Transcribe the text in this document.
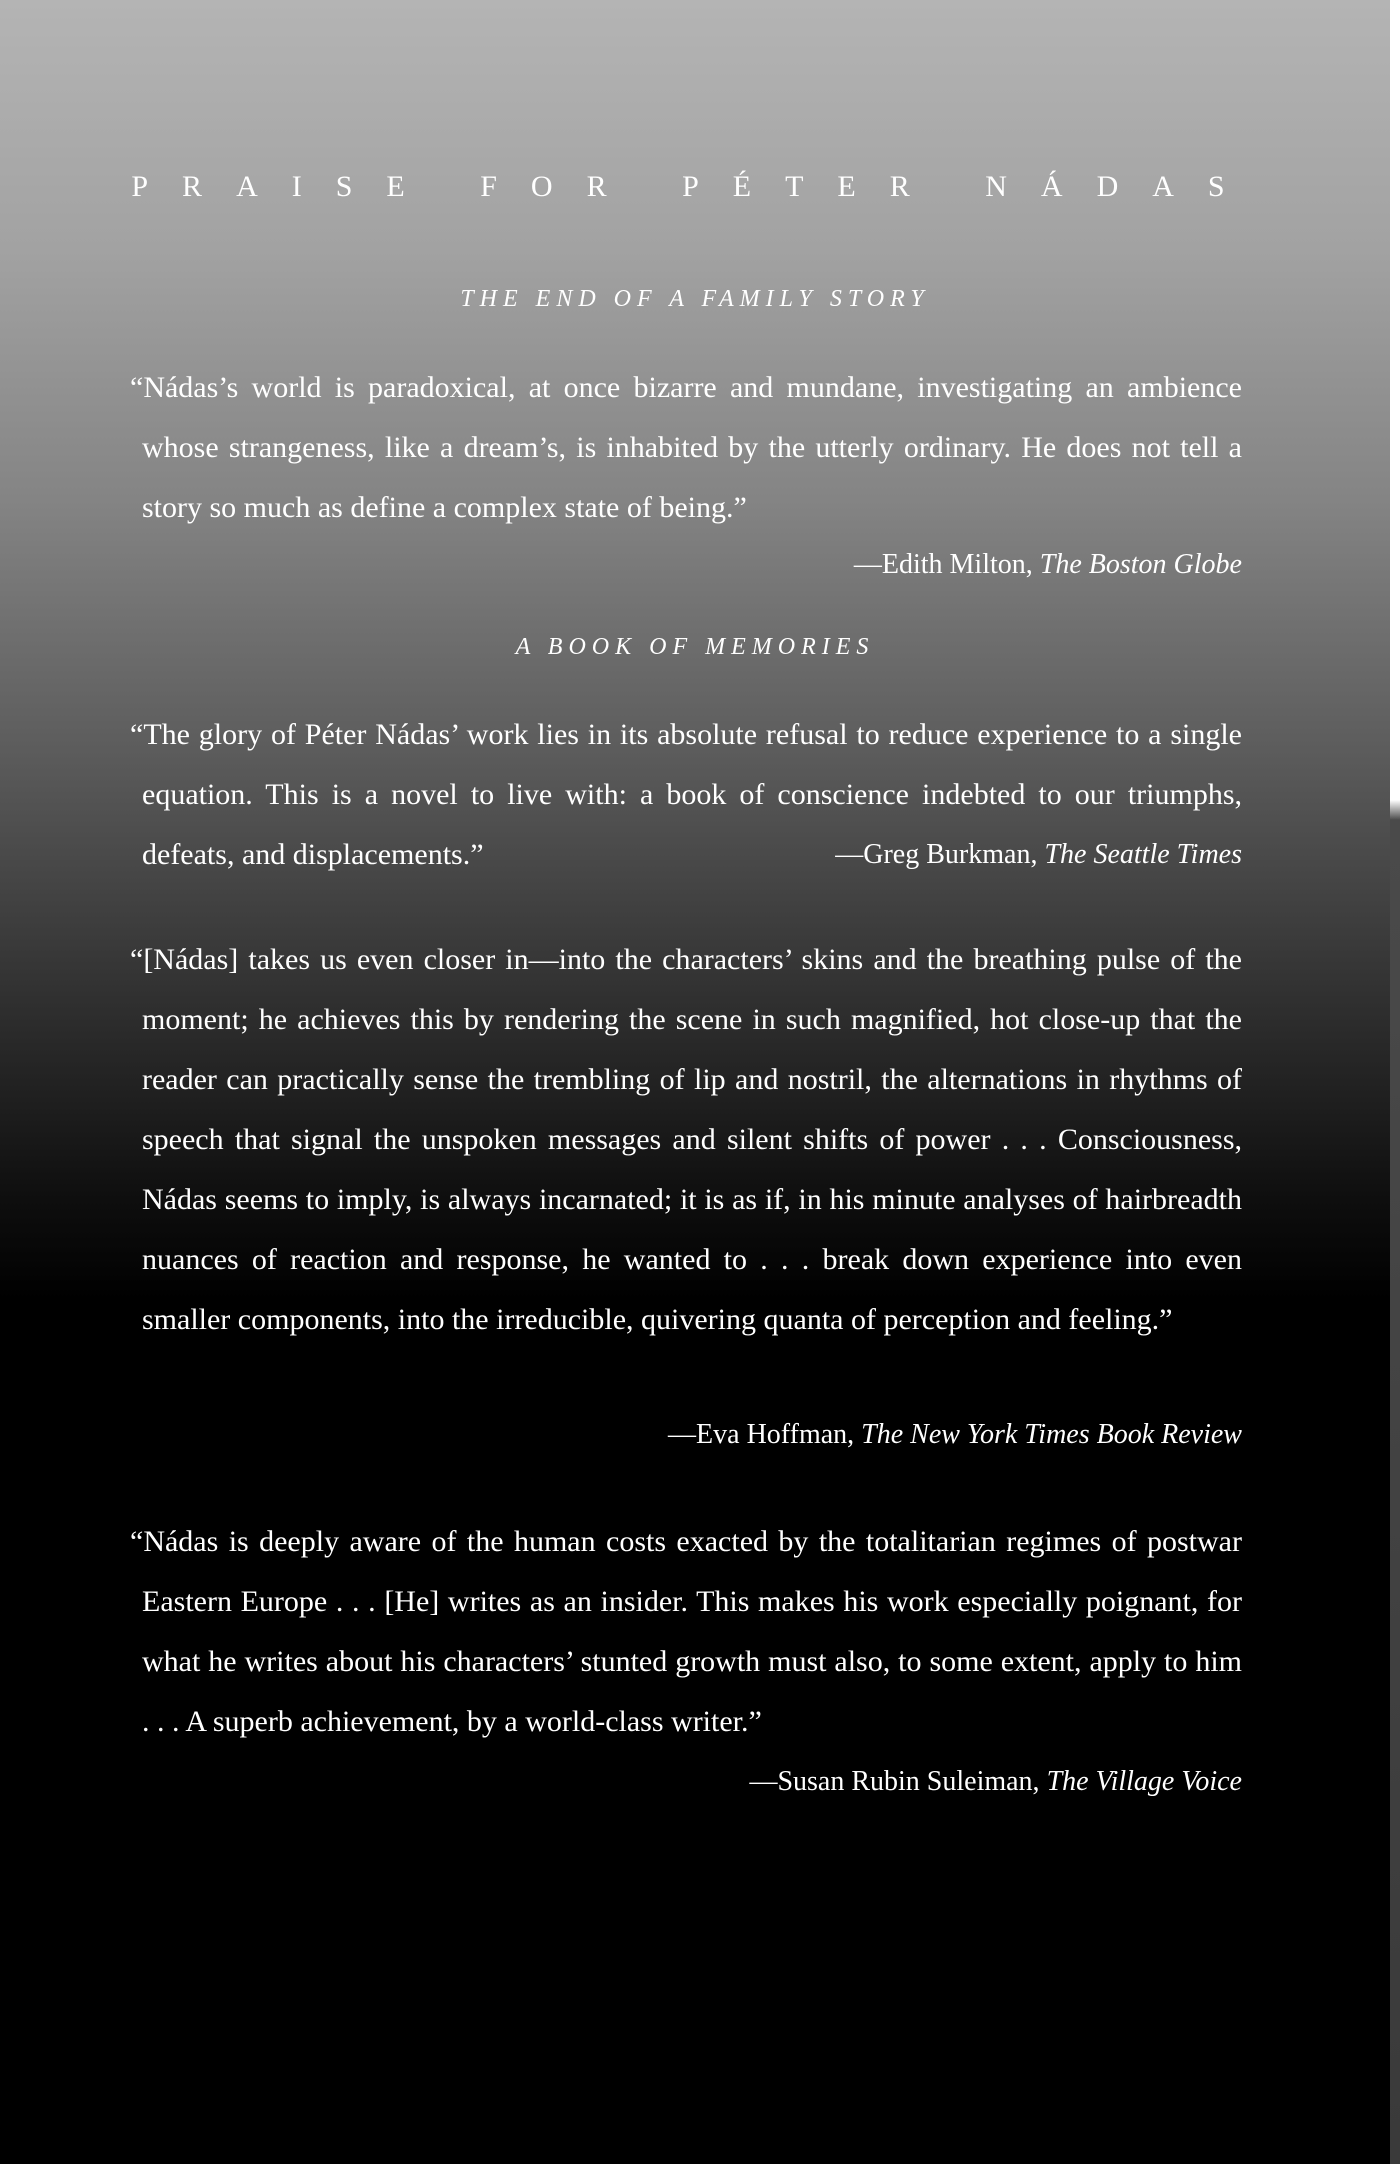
PRAISE FOR PÉTER NÁDAS
THE END OF A FAMILY STORY

“Nádas’s world is paradoxical, at once bizarre and mundane, investigating an ambience whose strangeness, like a dream’s, is inhabited by the utterly ordinary. He does not tell a story so much as define a complex state of being.”

—Edith Milton, The Boston Globe
A BOOK OF MEMORIES

“The glory of Péter Nádas’ work lies in its absolute refusal to reduce experience to a single equation. This is a novel to live with: a book of conscience indebted to our triumphs, defeats, and displacements.”	—Greg Burkman, The Seattle Times

“[Nádas] takes us even closer in—into the characters’ skins and the breathing pulse of the moment; he achieves this by rendering the scene in such magnified, hot close-up that the reader can practically sense the trembling of lip and nostril, the alternations in rhythms of speech that signal the unspoken messages and silent shifts of power . . . Consciousness, Nádas seems to imply, is always incarnated; it is as if, in his minute analyses of hairbreadth nuances of reaction and response, he wanted to . . . break down experience into even smaller components, into the irreducible, quivering quanta of perception and feeling.”

—Eva Hoffman, The New York Times Book Review

“Nádas is deeply aware of the human costs exacted by the totalitarian regimes of postwar Eastern Europe . . . [He] writes as an insider. This makes his work especially poignant, for what he writes about his characters’ stunted growth must also, to some extent, apply to him . . . A superb achievement, by a world-class writer.”

—Susan Rubin Suleiman, The Village Voice
